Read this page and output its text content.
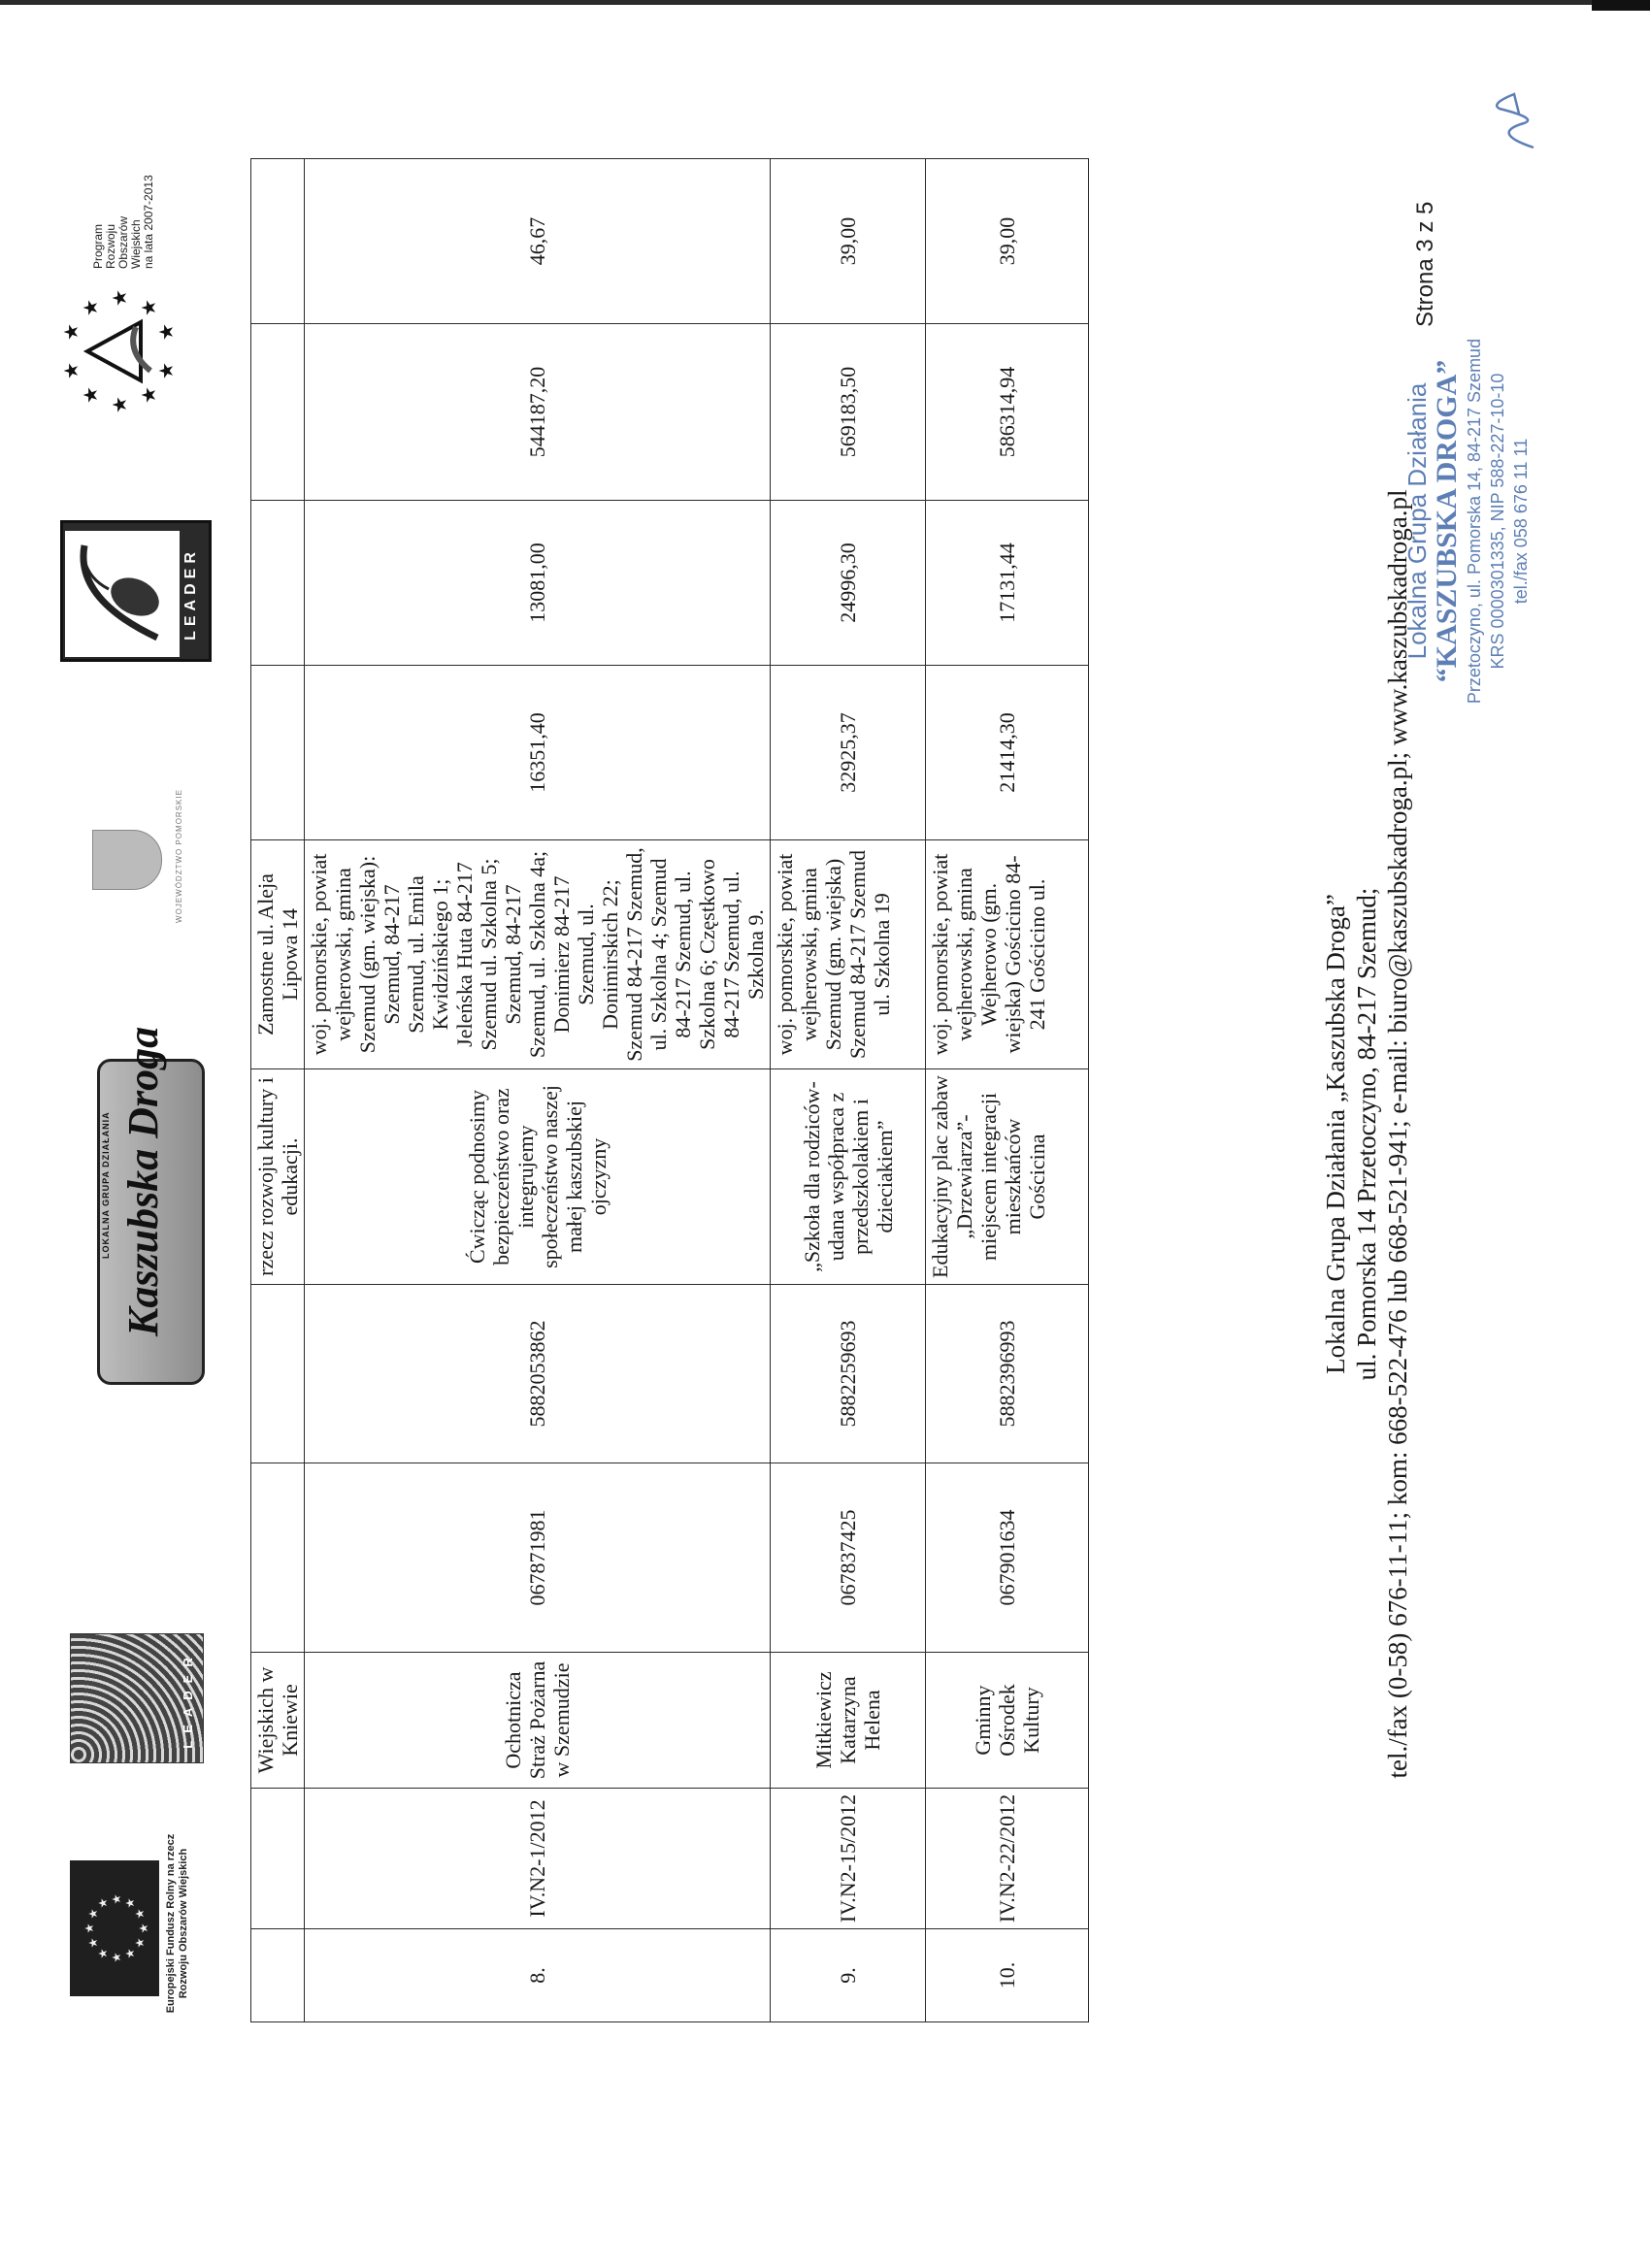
★
★
★ ★ ★
★
★
★
★
★
★
★	Europejski Fundusz Rolny na rzecz Rozwoju Obszarów Wiejskich
LEADER
LOKALNA GRUPA DZIAŁANIA Kaszubska Droga
WOJEWÓDZTWO POMORSKIE
LEADER
★
★
★
★
★
★
★
★
★
★
Program Rozwoju Obszarów Wiejskich na lata 2007-2013
		Wiejskich w Kniewie			rzecz rozwoju kultury i edukacji.	Zamostne ul. Aleja Lipowa 14				
8.	IV.N2-1/2012	Ochotnicza Straż Pożarna w Szemudzie	067871981	5882053862	Ćwicząc podnosimy bezpieczeństwo oraz integrujemy społeczeństwo naszej małej kaszubskiej ojczyzny	woj. pomorskie, powiat wejherowski, gmina Szemud (gm. wiejska): Szemud, 84-217 Szemud, ul. Emila Kwidzińskiego 1; Jeleńska Huta 84-217 Szemud ul. Szkolna 5; Szemud, 84-217 Szemud, ul. Szkolna 4a; Donimierz 84-217 Szemud, ul. Donimirskich 22; Szemud 84-217 Szemud, ul. Szkolna 4; Szemud 84-217 Szemud, ul. Szkolna 6; Częstkowo 84-217 Szemud, ul. Szkolna 9.	16351,40	13081,00	544187,20	46,67
9.	IV.N2-15/2012	Mitkiewicz Katarzyna Helena	067837425	5882259693	„Szkoła dla rodziców- udana współpraca z przedszkolakiem i dzieciakiem”	woj. pomorskie, powiat wejherowski, gmina Szemud (gm. wiejska) Szemud 84-217 Szemud ul. Szkolna 19	32925,37	24996,30	569183,50	39,00
10.	IV.N2-22/2012	Gminny Ośrodek Kultury	067901634	5882396993	Edukacyjny plac zabaw „Drzewiarza”- miejscem integracji mieszkańców Gościcina	woj. pomorskie, powiat wejherowski, gmina Wejherowo (gm. wiejska) Gościcino 84-241 Gościcino ul.	21414,30	17131,44	586314,94	39,00
Lokalna Grupa Działania „Kaszubska Droga” ul. Pomorska 14 Przetoczyno, 84-217 Szemud; tel./fax (0-58) 676-11-11; kom: 668-522-476 lub 668-521-941; e-mail: biuro@kaszubskadroga.pl; www.kaszubskadroga.pl
Strona 3 z 5
Lokalna Grupa Działania “KASZUBSKA DROGA” Przetoczyno, ul. Pomorska 14, 84-217 Szemud KRS 0000301335, NIP 588-227-10-10 tel./fax 058 676 11 11
